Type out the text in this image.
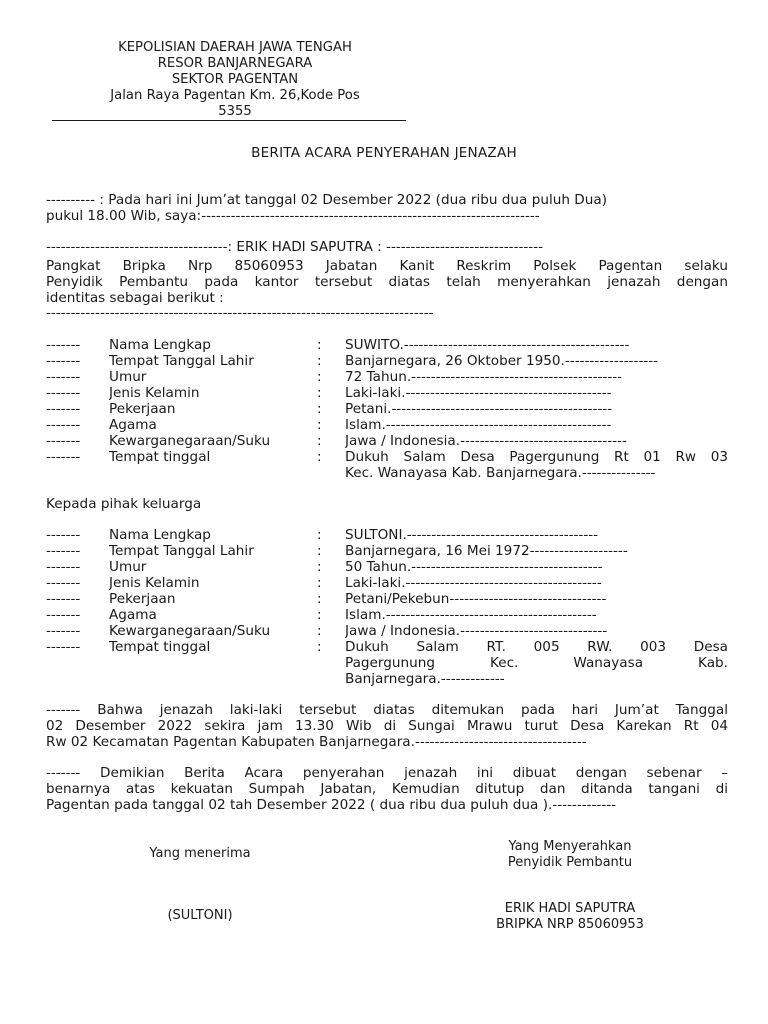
KEPOLISIAN DAERAH JAWA TENGAH
RESOR BANJARNEGARA
SEKTOR PAGENTAN
Jalan Raya Pagentan Km. 26,Kode Pos
5355
BERITA ACARA PENYERAHAN JENAZAH
---------- : Pada hari ini Jum’at tanggal 02 Desember 2022 (dua ribu dua puluh Dua)
pukul 18.00 Wib, saya:---------------------------------------------------------------------
-------------------------------------: ERIK HADI SAPUTRA : --------------------------------
Pangkat Bripka Nrp 85060953 Jabatan Kanit Reskrim Polsek Pagentan selaku
Penyidik Pembantu pada kantor tersebut diatas telah menyerahkan jenazah dengan
identitas sebagai berikut :
-------------------------------------------------------------------------------
-------	Nama Lengkap	:	SUWITO.----------------------------------------------
-------	Tempat Tanggal Lahir	:	Banjarnegara, 26 Oktober 1950.-------------------
-------	Umur	:	72 Tahun.-------------------------------------------
-------	Jenis Kelamin	:	Laki-laki.------------------------------------------
-------	Pekerjaan	:	Petani.---------------------------------------------
-------	Agama	:	Islam.----------------------------------------------
-------	Kewarganegaraan/Suku	:	Jawa / Indonesia.----------------------------------
-------	Tempat tinggal	:	Dukuh Salam Desa Pagergunung Rt 01 Rw 03
Kec. Wanayasa Kab. Banjarnegara.---------------
Kepada pihak keluarga
-------	Nama Lengkap	:	SULTONI.---------------------------------------
-------	Tempat Tanggal Lahir	:	Banjarnegara, 16 Mei 1972--------------------
-------	Umur	:	50 Tahun.---------------------------------------
-------	Jenis Kelamin	:	Laki-laki.----------------------------------------
-------	Pekerjaan	:	Petani/Pekebun--------------------------------
-------	Agama	:	Islam.-------------------------------------------
-------	Kewarganegaraan/Suku	:	Jawa / Indonesia.------------------------------
-------	Tempat tinggal	:	Dukuh Salam RT. 005 RW. 003 Desa
Pagergunung Kec. Wanayasa Kab.
Banjarnegara.-------------
------- Bahwa jenazah laki-laki tersebut diatas ditemukan pada hari Jum’at Tanggal
02 Desember 2022 sekira jam 13.30 Wib di Sungai Mrawu turut Desa Karekan Rt 04
Rw 02 Kecamatan Pagentan Kabupaten Banjarnegara.-----------------------------------
------- Demikian Berita Acara penyerahan jenazah ini dibuat dengan sebenar –
benarnya atas kekuatan Sumpah Jabatan, Kemudian ditutup dan ditanda tangani di
Pagentan pada tanggal 02 tah Desember 2022 ( dua ribu dua puluh dua ).-------------
Yang menerima
(SULTONI)
Yang Menyerahkan
Penyidik Pembantu
ERIK HADI SAPUTRA
BRIPKA NRP 85060953
